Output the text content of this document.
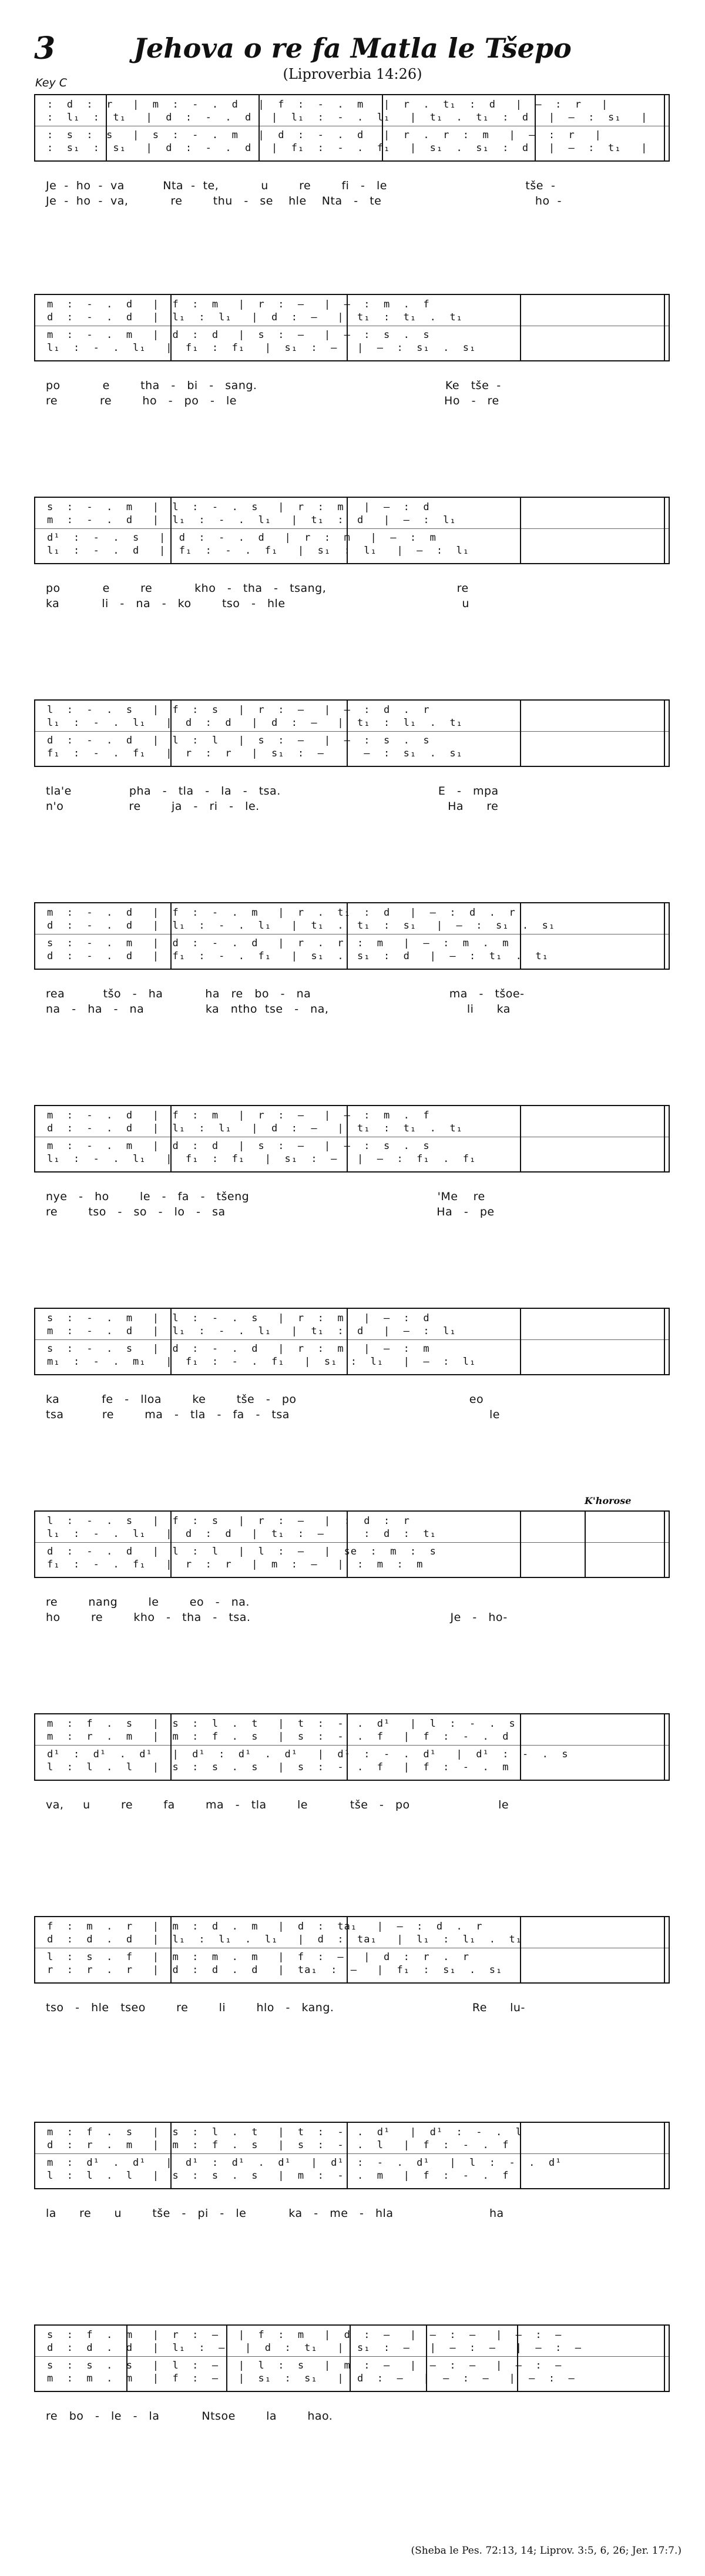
3	Jehova o re fa Matla le Tšepo
(Liproverbia 14:26)
Key C
:  d  :  r   |  m  :  -  .  d   |  f  :  -  .  m   |  r  .  t₁  :  d   |  —  :  r   |
:  l₁  :  t₁   |  d  :  -  .  d   |  l₁  :  -  .  l₁   |  t₁  .  t₁  :  d   |  —  :  s₁   |
:  s  :  s   |  s  :  -  .  m   |  d  :  -  .  d   |  r  .  r  :  m   |  —  :  r   |
:  s₁  :  s₁   |  d  :  -  .  d   |  f₁  :  -  .  f₁   |  s₁  .  s₁  :  d   |  —  :  t₁   |
Je  -  ho  -  va          Nta  -  te,           u        re        fi   -   le                                    tše  -
Je  -  ho  -  va,           re        thu   -   se    hle    Nta   -   te                                        ho  -
m  :  -  .  d   |  f  :  m   |  r  :  —   |  —  :  m  .  f
d  :  -  .  d   |  l₁  :  l₁   |  d  :  —   |  t₁  :  t₁  .  t₁
m  :  -  .  m   |  d  :  d   |  s  :  —   |  —  :  s  .  s
l₁  :  -  .  l₁   |  f₁  :  f₁   |  s₁  :  —   |  —  :  s₁  .  s₁
po           e        tha   -   bi   -   sang.                                                 Ke   tše  -
re           re        ho   -   po   -   le                                                      Ho   -   re
s  :  -  .  m   |  l  :  -  .  s   |  r  :  m   |  —  :  d
m  :  -  .  d   |  l₁  :  -  .  l₁   |  t₁  :  d   |  —  :  l₁
d¹  :  -  .  s   |  d  :  -  .  d   |  r  :  m   |  —  :  m
l₁  :  -  .  d   |  f₁  :  -  .  f₁   |  s₁  :  l₁   |  —  :  l₁
po           e        re           kho   -   tha   -   tsang,                                  re
ka           li   -   na   -   ko        tso   -   hle                                              u
l  :  -  .  s   |  f  :  s   |  r  :  —   |  —  :  d  .  r
l₁  :  -  .  l₁   |  d  :  d   |  d  :  —   |  t₁  :  l₁  .  t₁
d  :  -  .  d   |  l  :  l   |  s  :  —   |  —  :  s  .  s
f₁  :  -  .  f₁   |  r  :  r   |  s₁  :  —   |  —  :  s₁  .  s₁
tla'e               pha   -   tla   -   la   -   tsa.                                         E   -   mpa
n'o                 re        ja   -   ri   -   le.                                                 Ha      re
m  :  -  .  d   |  f  :  -  .  m   |  r  .  t₁  :  d   |  —  :  d  .  r
d  :  -  .  d   |  l₁  :  -  .  l₁   |  t₁  .  t₁  :  s₁   |  —  :  s₁  .  s₁
s  :  -  .  m   |  d  :  -  .  d   |  r  .  r  :  m   |  —  :  m  .  m
d  :  -  .  d   |  f₁  :  -  .  f₁   |  s₁  .  s₁  :  d   |  —  :  t₁  .  t₁
rea          tšo   -   ha           ha   re   bo   -   na                                    ma   -   tšoe-
na   -   ha   -   na                ka   ntho  tse   -   na,                                    li      ka
m  :  -  .  d   |  f  :  m   |  r  :  —   |  —  :  m  .  f
d  :  -  .  d   |  l₁  :  l₁   |  d  :  —   |  t₁  :  t₁  .  t₁
m  :  -  .  m   |  d  :  d   |  s  :  —   |  —  :  s  .  s
l₁  :  -  .  l₁   |  f₁  :  f₁   |  s₁  :  —   |  —  :  f₁  .  f₁
nye   -   ho        le   -   fa   -   tšeng                                                 'Me    re
re        tso   -   so   -   lo   -   sa                                                       Ha   -   pe
s  :  -  .  m   |  l  :  -  .  s   |  r  :  m   |  —  :  d
m  :  -  .  d   |  l₁  :  -  .  l₁   |  t₁  :  d   |  —  :  l₁
s  :  -  .  s   |  d  :  -  .  d   |  r  :  m   |  —  :  m
m₁  :  -  .  m₁   |  f₁  :  -  .  f₁   |  s₁  :  l₁   |  —  :  l₁
ka           fe   -   lloa        ke        tše   -   po                                             eo
tsa          re        ma   -   tla   -   fa   -   tsa                                                    le
l  :  -  .  s   |  f  :  s   |  r  :  —   |  :  d  :  r
l₁  :  -  .  l₁   |  d  :  d   |  t₁  :  —   |  :  d  :  t₁
d  :  -  .  d   |  l  :  l   |  l  :  —   |  se  :  m  :  s
f₁  :  -  .  f₁   |  r  :  r   |  m  :  —   |  :  m  :  m
re        nang        le        eo   -   na.
ho        re        kho   -   tha   -   tsa.                                                    Je   -   ho-
m  :  f  .  s   |  s  :  l  .  t   |  t  :  -  .  d¹   |  l  :  -  .  s
m  :  r  .  m   |  m  :  f  .  s   |  s  :  -  .  f   |  f  :  -  .  d
d¹  :  d¹  .  d¹   |  d¹  :  d¹  .  d¹   |  d¹  :  -  .  d¹   |  d¹  :  -  .  s
l  :  l  .  l   |  s  :  s  .  s   |  s  :  -  .  f   |  f  :  -  .  m
va,     u        re        fa        ma   -   tla        le           tše   -   po                       le
f  :  m  .  r   |  m  :  d  .  m   |  d  :  ta₁   |  —  :  d  .  r
d  :  d  .  d   |  l₁  :  l₁  .  l₁   |  d  :  ta₁   |  l₁  :  l₁  .  t₁
l  :  s  .  f   |  m  :  m  .  m   |  f  :  —   |  d  :  r  .  r
r  :  r  .  r   |  d  :  d  .  d   |  ta₁  :  —   |  f₁  :  s₁  .  s₁
tso   -   hle   tseo        re        li        hlo   -   kang.                                    Re      lu-
m  :  f  .  s   |  s  :  l  .  t   |  t  :  -  .  d¹   |  d¹  :  -  .  l
d  :  r  .  m   |  m  :  f  .  s   |  s  :  -  .  l   |  f  :  -  .  f
m  :  d¹  .  d¹   |  d¹  :  d¹  .  d¹   |  d¹  :  -  .  d¹   |  l  :  -  .  d¹
l  :  l  .  l   |  s  :  s  .  s   |  m  :  -  .  m   |  f  :  -  .  f
la      re      u        tše   -   pi   -   le           ka   -   me   -   hla                         ha
s  :  f  .  m   |  r  :  —   |  f  :  m   |  d  :  —   |  —  :  —   |  —  :  —
d  :  d  .  d   |  l₁  :  —   |  d  :  t₁   |  s₁  :  —   |  —  :  —   |  —  :  —
s  :  s  .  s   |  l  :  —   |  l  :  s   |  m  :  —   |  —  :  —   |  —  :  —
m  :  m  .  m   |  f  :  —   |  s₁  :  s₁   |  d  :  —   |  —  :  —   |  —  :  —
re   bo   -   le   -   la           Ntsoe        la        hao.
K'horose
(Sheba le Pes. 72:13, 14; Liprov. 3:5, 6, 26; Jer. 17:7.)
